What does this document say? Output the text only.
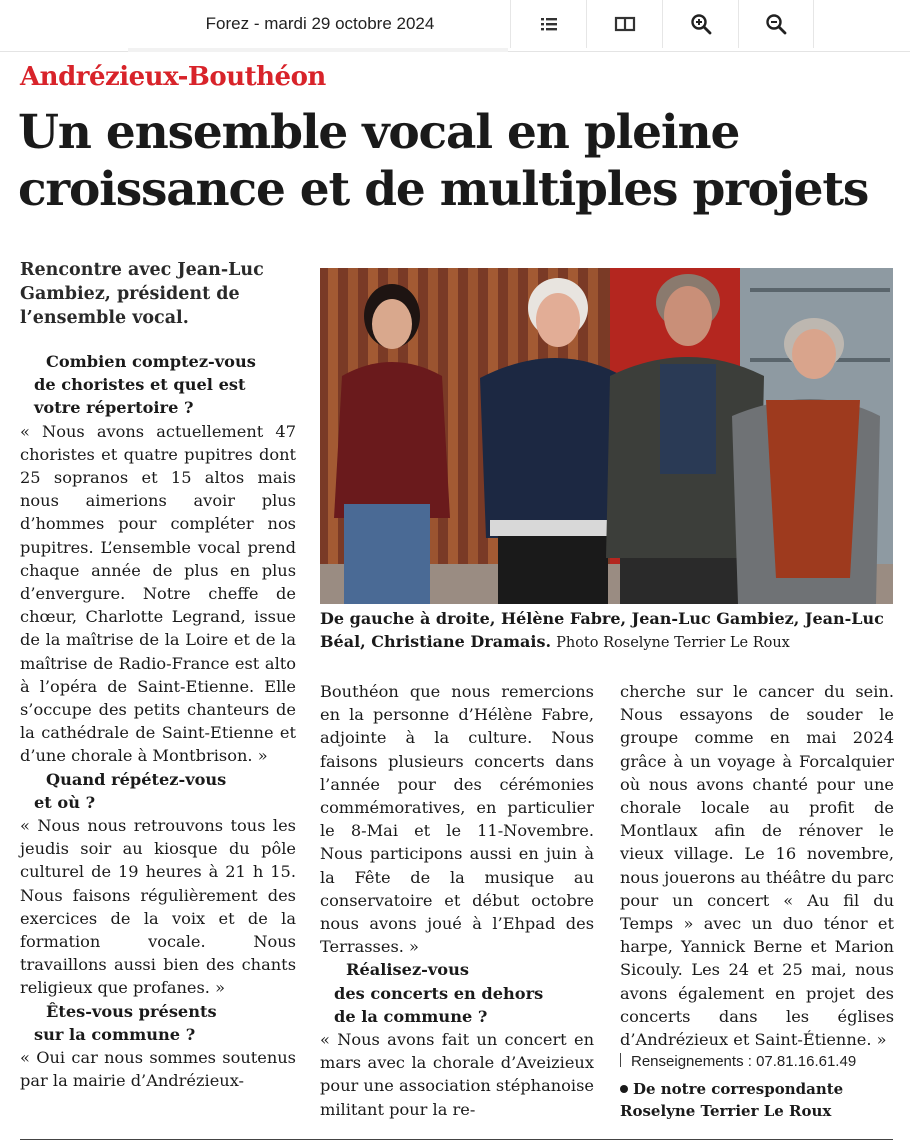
Forez - mardi 29 octobre 2024
Andrézieux-Bouthéon
Un ensemble vocal en pleine
croissance et de multiples projets
Rencontre avec Jean-Luc Gambiez, président de l’ensemble vocal.

Combien comptez-vous

de choristes et quel est
votre répertoire ?

« Nous avons actuellement 47 choristes et quatre pupitres dont 25 sopranos et 15 altos mais nous aimerions avoir plus d’hommes pour compléter nos pupitres. L’ensemble vocal prend chaque année de plus en plus d’envergure. Notre cheffe de chœur, Charlotte Legrand, issue de la maîtrise de la Loire et de la maîtrise de Radio-France est alto à l’opéra de Saint-Etienne. Elle s’occupe des petits chanteurs de la cathédrale de Saint-Etienne et d’une chorale à Montbrison. »

Quand répétez-vous

et où ?

« Nous nous retrouvons tous les jeudis soir au kiosque du pôle culturel de 19 heures à 21 h 15. Nous faisons régulièrement des exercices de la voix et de la formation vocale. Nous travaillons aussi bien des chants religieux que profanes. »

Êtes-vous présents

sur la commune ?

« Oui car nous sommes soutenus par la mairie d’Andrézieux-

De gauche à droite, Hélène Fabre, Jean-Luc Gambiez, Jean-Luc Béal, Christiane Dramais. Photo Roselyne Terrier Le Roux

Bouthéon que nous remercions en la personne d’Hélène Fabre, adjointe à la culture. Nous faisons plusieurs concerts dans l’année pour des cérémonies commémoratives, en particulier le 8-Mai et le 11-Novembre. Nous participons aussi en juin à la Fête de la musique au conservatoire et début octobre nous avons joué à l’Ehpad des Terrasses. »

Réalisez-vous

des concerts en dehors
de la commune ?

« Nous avons fait un concert en mars avec la chorale d’Aveizieux pour une association stéphanoise militant pour la re-

cherche sur le cancer du sein. Nous essayons de souder le groupe comme en mai 2024 grâce à un voyage à Forcalquier où nous avons chanté pour une chorale locale au profit de Montlaux afin de rénover le vieux village. Le 16 novembre, nous jouerons au théâtre du parc pour un concert « Au fil du Temps » avec un duo ténor et harpe, Yannick Berne et Marion Sicouly. Les 24 et 25 mai, nous avons également en projet des concerts dans les églises d’Andrézieux et Saint-Étienne. »

Renseignements : 07.81.16.61.49
De notre correspondante
Roselyne Terrier Le Roux
